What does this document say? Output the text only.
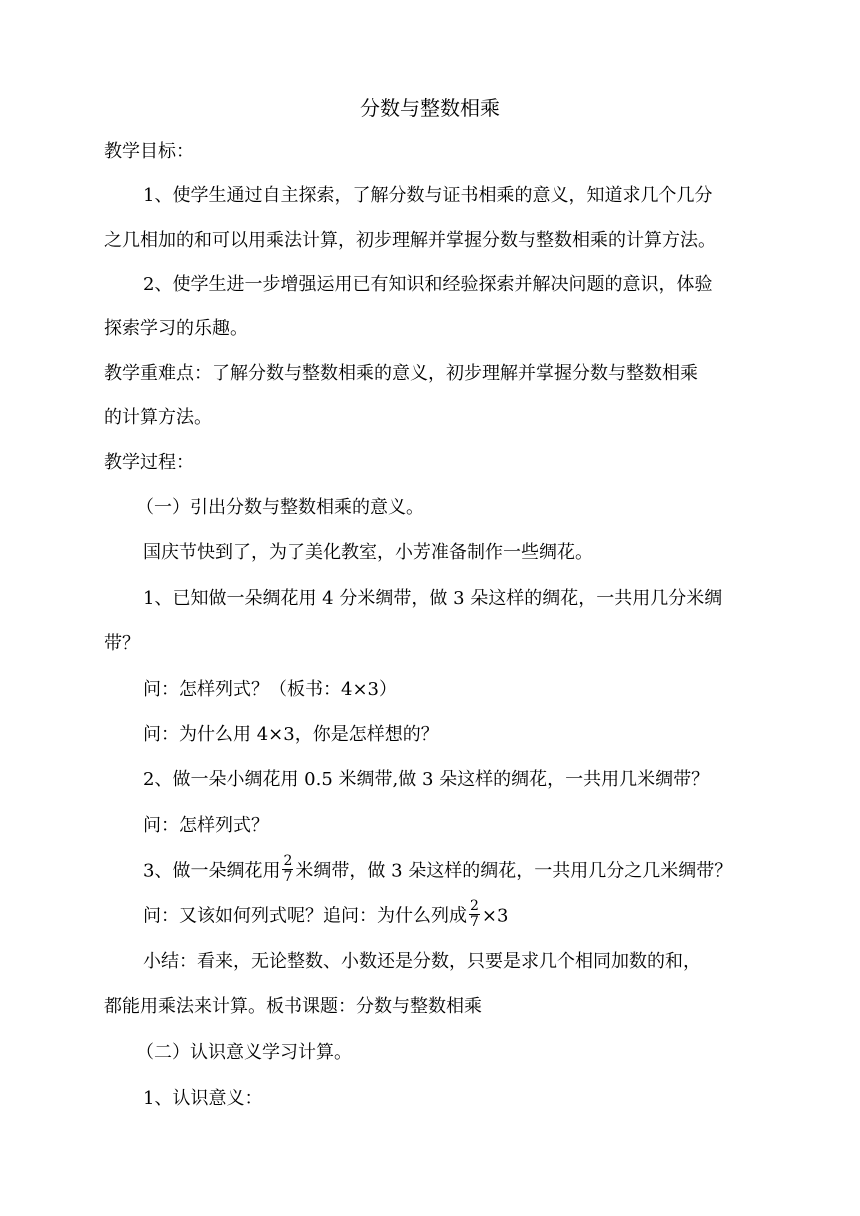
分数与整数相乘
教学目标：
1、使学生通过自主探索，了解分数与证书相乘的意义，知道求几个几分
之几相加的和可以用乘法计算，初步理解并掌握分数与整数相乘的计算方法。
2、使学生进一步增强运用已有知识和经验探索并解决问题的意识，体验
探索学习的乐趣。
教学重难点：了解分数与整数相乘的意义，初步理解并掌握分数与整数相乘
的计算方法。
教学过程：
（一）引出分数与整数相乘的意义。
国庆节快到了，为了美化教室，小芳准备制作一些绸花。
1、已知做一朵绸花用 4 分米绸带，做 3 朵这样的绸花，一共用几分米绸
带？
问：怎样列式？（板书：4×3）
问：为什么用 4×3，你是怎样想的？
2、做一朵小绸花用 0.5 米绸带,做 3 朵这样的绸花，一共用几米绸带？
问：怎样列式？
3、做一朵绸花用 $\frac{2}{7}$ 米绸带，做 3 朵这样的绸花，一共用几分之几米绸带？
问：又该如何列式呢？追问：为什么列成 $\frac{2}{7} \times 3$
小结：看来，无论整数、小数还是分数，只要是求几个相同加数的和，
都能用乘法来计算。板书课题：分数与整数相乘
（二）认识意义学习计算。
1、认识意义：
